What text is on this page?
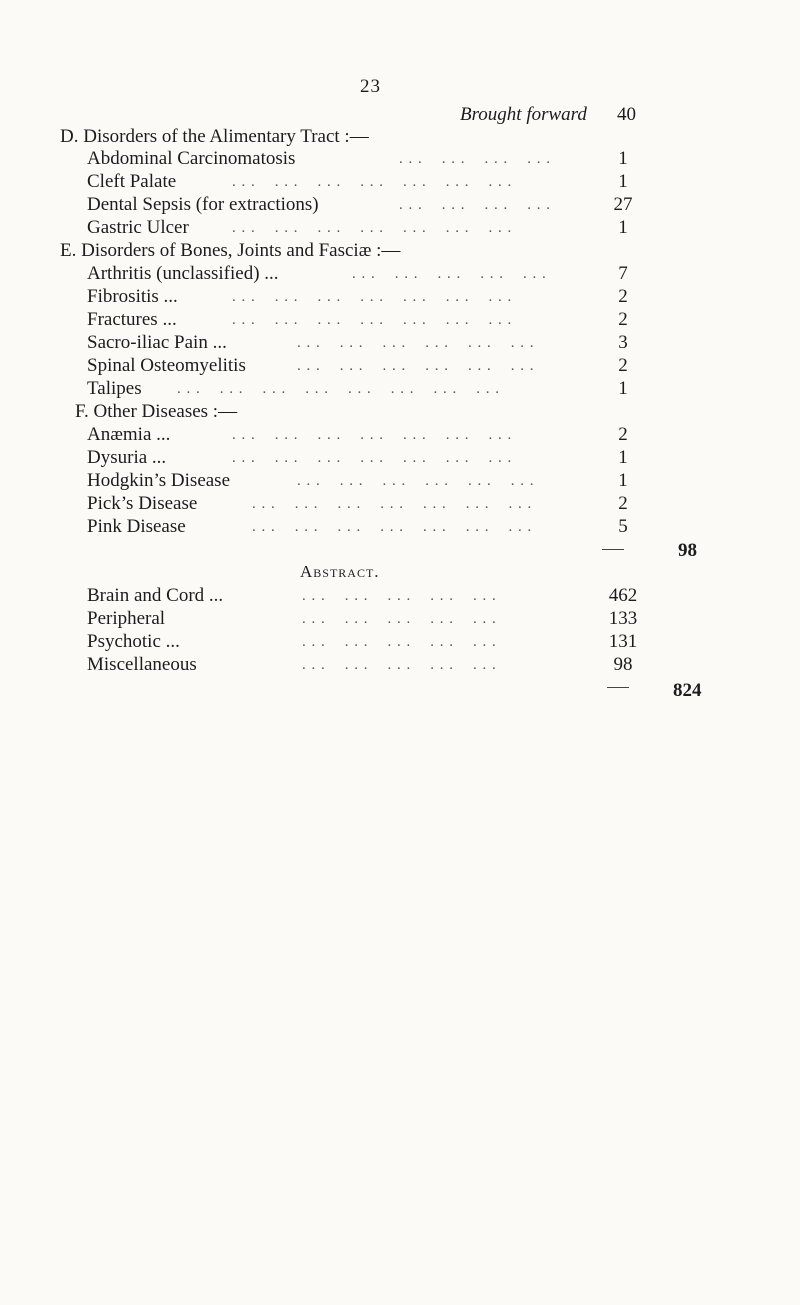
23
Brought forward 40
D. Disorders of the Alimentary Tract :—
Abdominal Carcinomatosis	. . .    . . .    . . .    . . .	1
Cleft Palate	. . .    . . .    . . .    . . .    . . .    . . .    . . .	1
Dental Sepsis (for extractions)	. . .    . . .    . . .    . . .	27
Gastric Ulcer	. . .    . . .    . . .    . . .    . . .    . . .    . . .	1
E. Disorders of Bones, Joints and Fasciæ :—
Arthritis (unclassified) ...	. . .    . . .    . . .    . . .    . . .	7
Fibrositis ...	. . .    . . .    . . .    . . .    . . .    . . .    . . .	2
Fractures ...	. . .    . . .    . . .    . . .    . . .    . . .    . . .	2
Sacro-iliac Pain ...	. . .    . . .    . . .    . . .    . . .    . . .	3
Spinal Osteomyelitis	. . .    . . .    . . .    . . .    . . .    . . .	2
Talipes . . .    . . .    . . .    . . .    . . .    . . .    . . .    . . .	1
F. Other Diseases :—
Anæmia ...	. . .    . . .    . . .    . . .    . . .    . . .    . . .	2
Dysuria ...	. . .    . . .    . . .    . . .    . . .    . . .    . . .	1
Hodgkin’s Disease	. . .    . . .    . . .    . . .    . . .    . . .	1
Pick’s Disease	. . .    . . .    . . .    . . .    . . .    . . .    . . .	2
Pink Disease	. . .    . . .    . . .    . . .    . . .    . . .    . . .	5
98
Abstract.
Brain and Cord ...	. . .    . . .    . . .    . . .    . . .	462
Peripheral	. . .    . . .    . . .    . . .    . . .	133
Psychotic ...	. . .    . . .    . . .    . . .    . . .	131
Miscellaneous	. . .    . . .    . . .    . . .    . . .	98
824
